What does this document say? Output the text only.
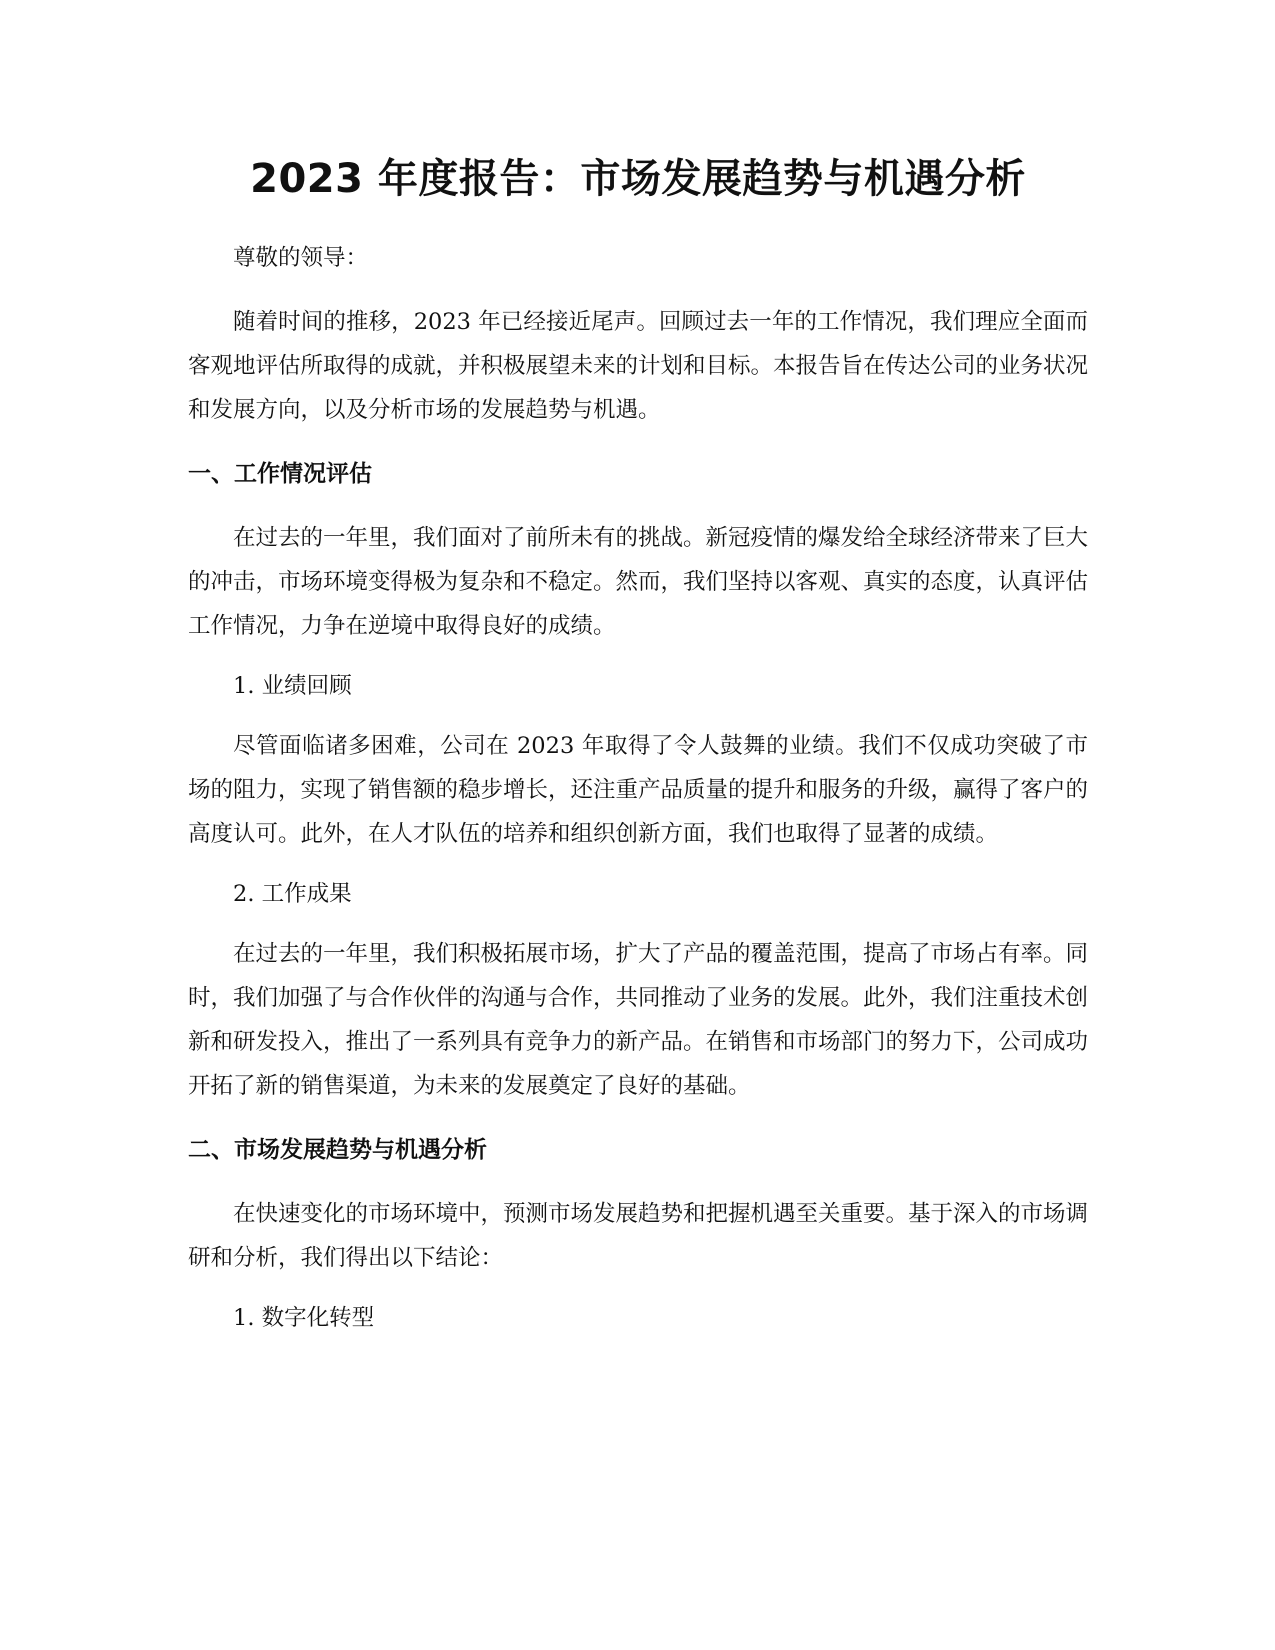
2023 年度报告：市场发展趋势与机遇分析

尊敬的领导：

随着时间的推移，2023 年已经接近尾声。回顾过去一年的工作情况，我们理应全面而客观地评估所取得的成就，并积极展望未来的计划和目标。本报告旨在传达公司的业务状况和发展方向，以及分析市场的发展趋势与机遇。

一、工作情况评估

在过去的一年里，我们面对了前所未有的挑战。新冠疫情的爆发给全球经济带来了巨大的冲击，市场环境变得极为复杂和不稳定。然而，我们坚持以客观、真实的态度，认真评估工作情况，力争在逆境中取得良好的成绩。

1. 业绩回顾

尽管面临诸多困难，公司在 2023 年取得了令人鼓舞的业绩。我们不仅成功突破了市场的阻力，实现了销售额的稳步增长，还注重产品质量的提升和服务的升级，赢得了客户的高度认可。此外，在人才队伍的培养和组织创新方面，我们也取得了显著的成绩。

2. 工作成果

在过去的一年里，我们积极拓展市场，扩大了产品的覆盖范围，提高了市场占有率。同时，我们加强了与合作伙伴的沟通与合作，共同推动了业务的发展。此外，我们注重技术创新和研发投入，推出了一系列具有竞争力的新产品。在销售和市场部门的努力下，公司成功开拓了新的销售渠道，为未来的发展奠定了良好的基础。

二、市场发展趋势与机遇分析

在快速变化的市场环境中，预测市场发展趋势和把握机遇至关重要。基于深入的市场调研和分析，我们得出以下结论：

1. 数字化转型
